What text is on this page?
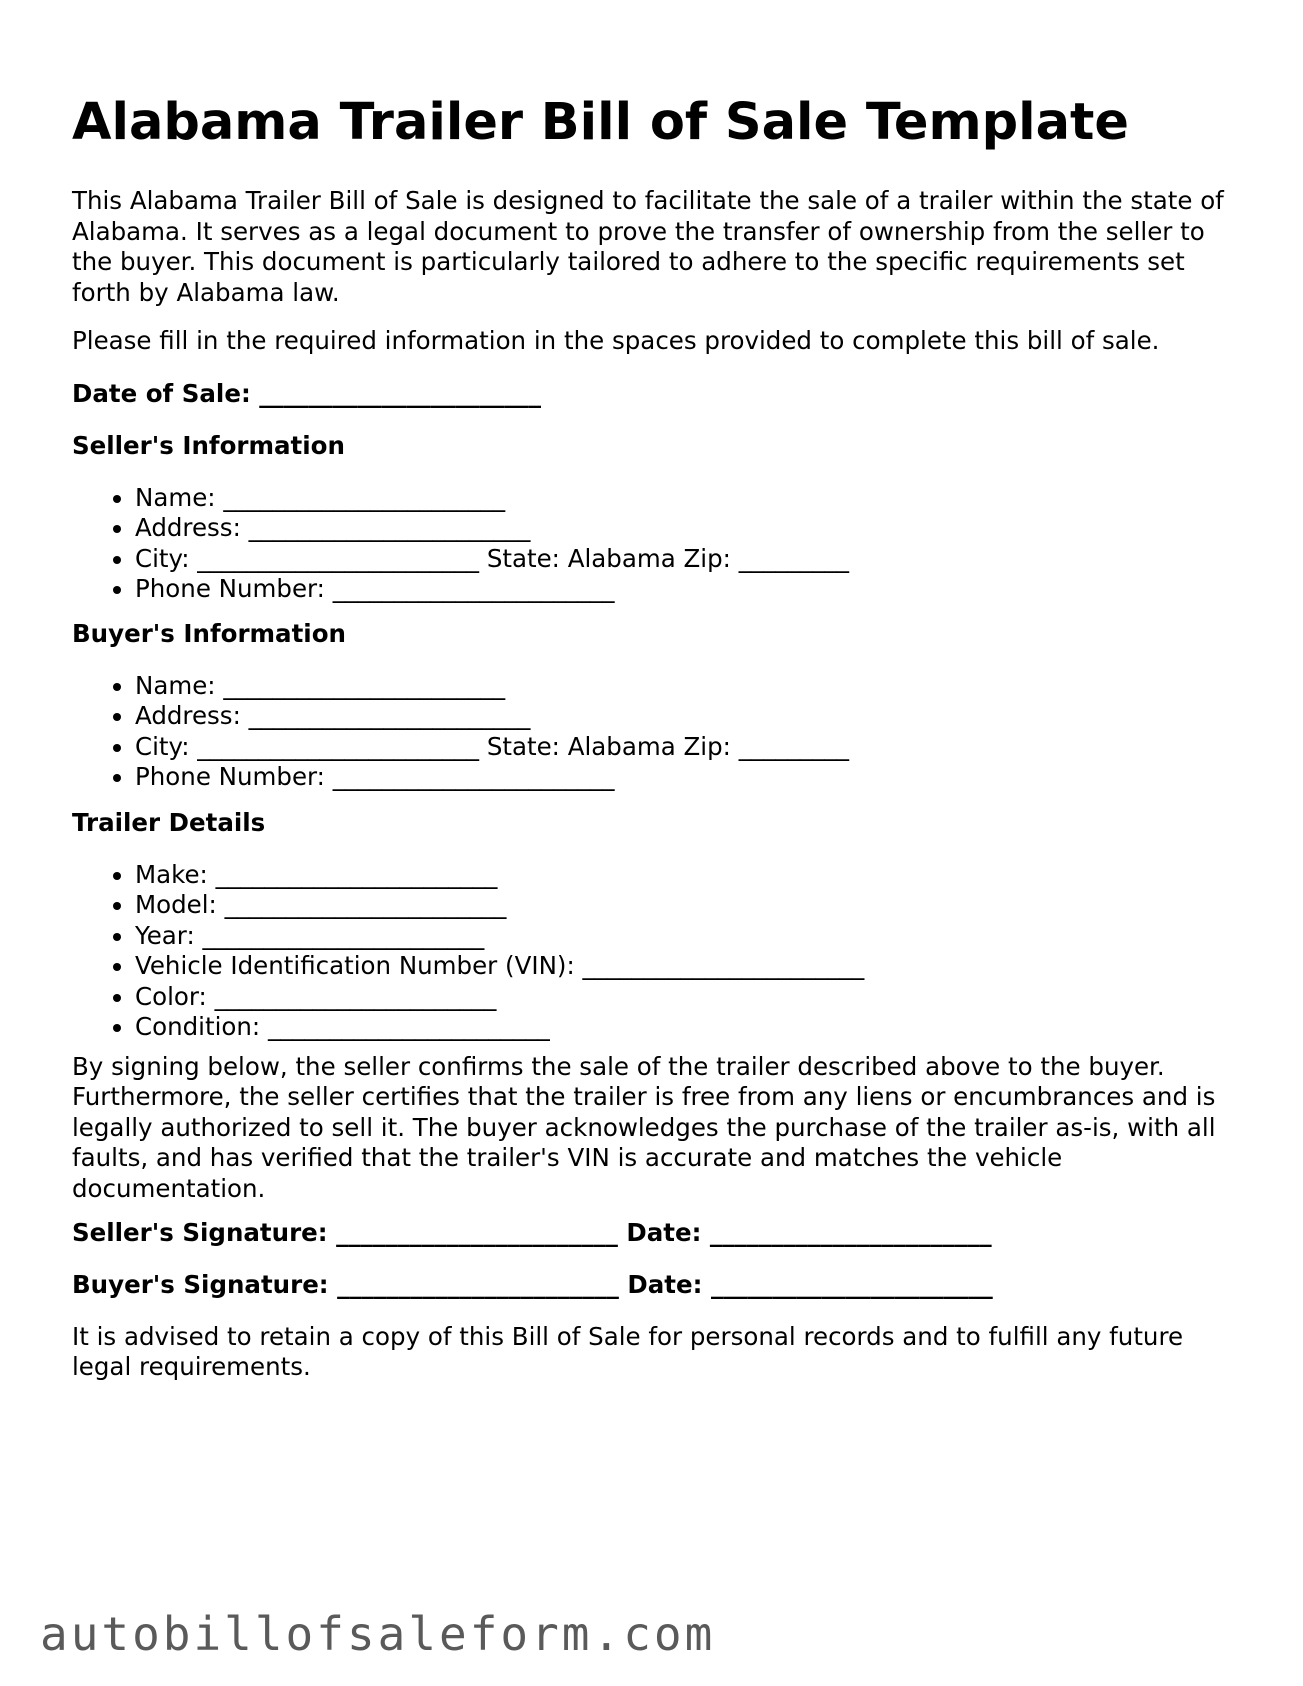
Alabama Trailer Bill of Sale Template

This Alabama Trailer Bill of Sale is designed to facilitate the sale of a trailer within the state of Alabama. It serves as a legal document to prove the transfer of ownership from the seller to the buyer. This document is particularly tailored to adhere to the specific requirements set forth by Alabama law.

Please fill in the required information in the spaces provided to complete this bill of sale.

Date of Sale: _______________________

Seller's Information

• Name: _______________________
• Address: _______________________
• City: _______________________ State: Alabama Zip: _________
• Phone Number: _______________________

Buyer's Information

• Name: _______________________
• Address: _______________________
• City: _______________________ State: Alabama Zip: _________
• Phone Number: _______________________

Trailer Details

• Make: _______________________
• Model: _______________________
• Year: _______________________
• Vehicle Identification Number (VIN): _______________________
• Color: _______________________
• Condition: _______________________

By signing below, the seller confirms the sale of the trailer described above to the buyer. Furthermore, the seller certifies that the trailer is free from any liens or encumbrances and is legally authorized to sell it. The buyer acknowledges the purchase of the trailer as-is, with all faults, and has verified that the trailer's VIN is accurate and matches the vehicle documentation.

Seller's Signature: _______________________ Date: _______________________

Buyer's Signature: _______________________ Date: _______________________

It is advised to retain a copy of this Bill of Sale for personal records and to fulfill any future legal requirements.

autobillofsaleform.com
